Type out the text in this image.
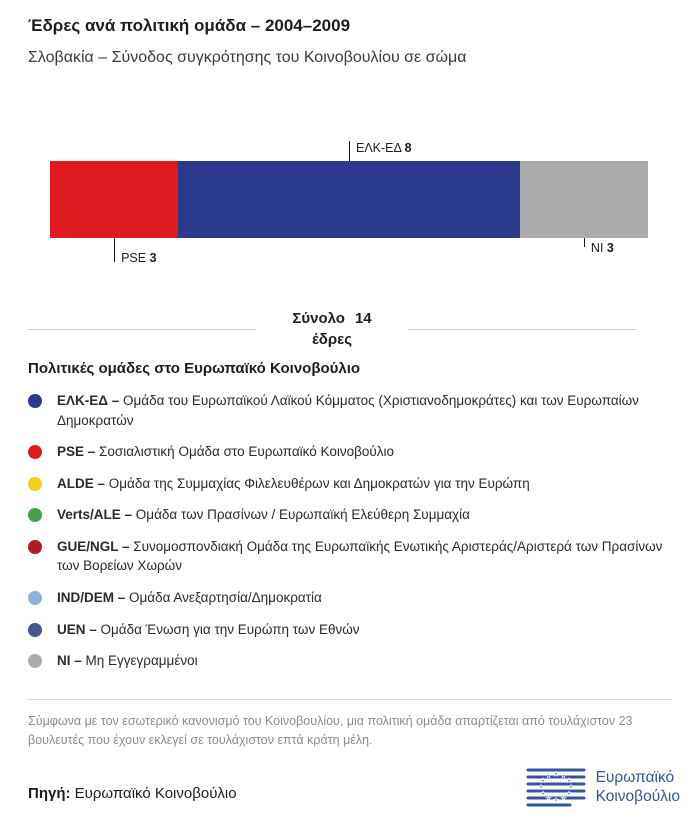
Έδρες ανά πολιτική ομάδα – 2004–2009
Σλοβακία – Σύνοδος συγκρότησης του Κοινοβουλίου σε σώμα
ΕΛΚ-ΕΔ 8
PSE 3
NI 3
Σύνολο 14
έδρες
Πολιτικές ομάδες στο Ευρωπαϊκό Κοινοβούλιο
ΕΛΚ-ΕΔ – Ομάδα του Ευρωπαϊκού Λαϊκού Κόμματος (Χριστιανοδημοκράτες) και των Ευρωπαίων Δημοκρατών
PSE – Σοσιαλιστική Ομάδα στο Ευρωπαϊκό Κοινοβούλιο
ALDE – Ομάδα της Συμμαχίας Φιλελευθέρων και Δημοκρατών για την Ευρώπη
Verts/ALE – Ομάδα των Πρασίνων / Ευρωπαϊκή Ελεύθερη Συμμαχία
GUE/NGL – Συνομοσπονδιακή Ομάδα της Ευρωπαϊκής Ενωτικής Αριστεράς/Αριστερά των Πρασίνων των Βορείων Χωρών
IND/DEM – Ομάδα Ανεξαρτησία/Δημοκρατία
UEN – Ομάδα Ένωση για την Ευρώπη των Εθνών
NI – Μη Εγγεγραμμένοι
Σύμφωνα με τον εσωτερικό κανονισμό του Κοινοβουλίου, μια πολιτική ομάδα απαρτίζεται από τουλάχιστον 23 βουλευτές που έχουν εκλεγεί σε τουλάχιστον επτά κράτη μέλη.
Πηγή: Ευρωπαϊκό Κοινοβούλιο
Ευρωπαϊκό
Κοινοβούλιο
